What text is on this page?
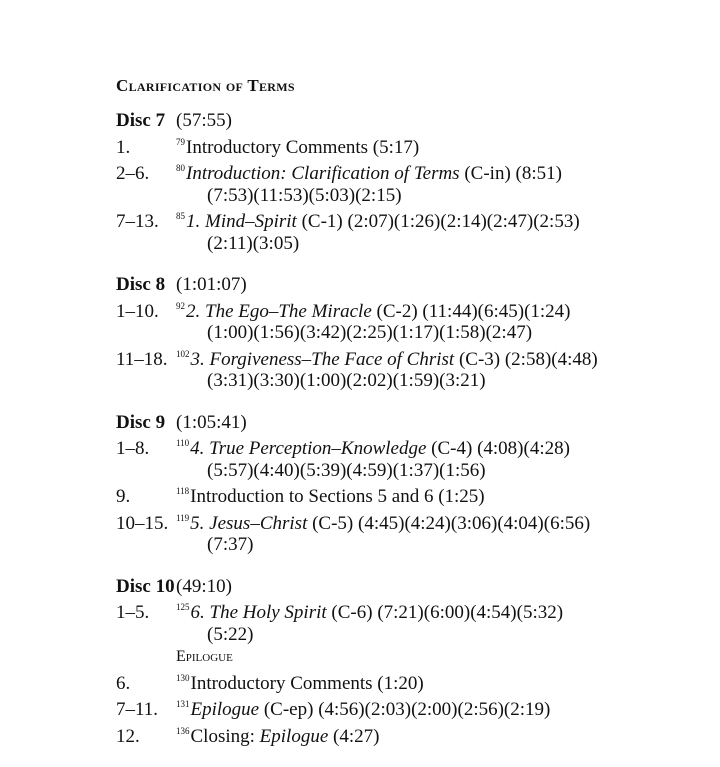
Clarification of Terms
Disc 7 (57:55)
1.	$^{79}$Introductory Comments (5:17)
2–6.	$^{80}$Introduction: Clarification of Terms (C-in) (8:51)
(7:53)(11:53)(5:03)(2:15)
7–13. $^{85}$1. Mind–Spirit (C-1) (2:07)(1:26)(2:14)(2:47)(2:53)
(2:11)(3:05)
Disc 8 (1:01:07)
1–10. $^{92}$2. The Ego–The Miracle (C-2) (11:44)(6:45)(1:24)
(1:00)(1:56)(3:42)(2:25)(1:17)(1:58)(2:47)
11–18. $^{102}$3. Forgiveness–The Face of Christ (C-3) (2:58)(4:48)
(3:31)(3:30)(1:00)(2:02)(1:59)(3:21)
Disc 9 (1:05:41)
1–8.	$^{110}$4. True Perception–Knowledge (C-4) (4:08)(4:28)
(5:57)(4:40)(5:39)(4:59)(1:37)(1:56)
9.	$^{118}$Introduction to Sections 5 and 6 (1:25)
10–15. $^{119}$5. Jesus–Christ (C-5) (4:45)(4:24)(3:06)(4:04)(6:56)
(7:37)
Disc 10(49:10)
1–5.	$^{125}$6. The Holy Spirit (C-6) (7:21)(6:00)(4:54)(5:32)
(5:22)
Epilogue
6.	$^{130}$Introductory Comments (1:20)
7–11. $^{131}$Epilogue (C-ep) (4:56)(2:03)(2:00)(2:56)(2:19)
12.	$^{136}$Closing: Epilogue (4:27)
